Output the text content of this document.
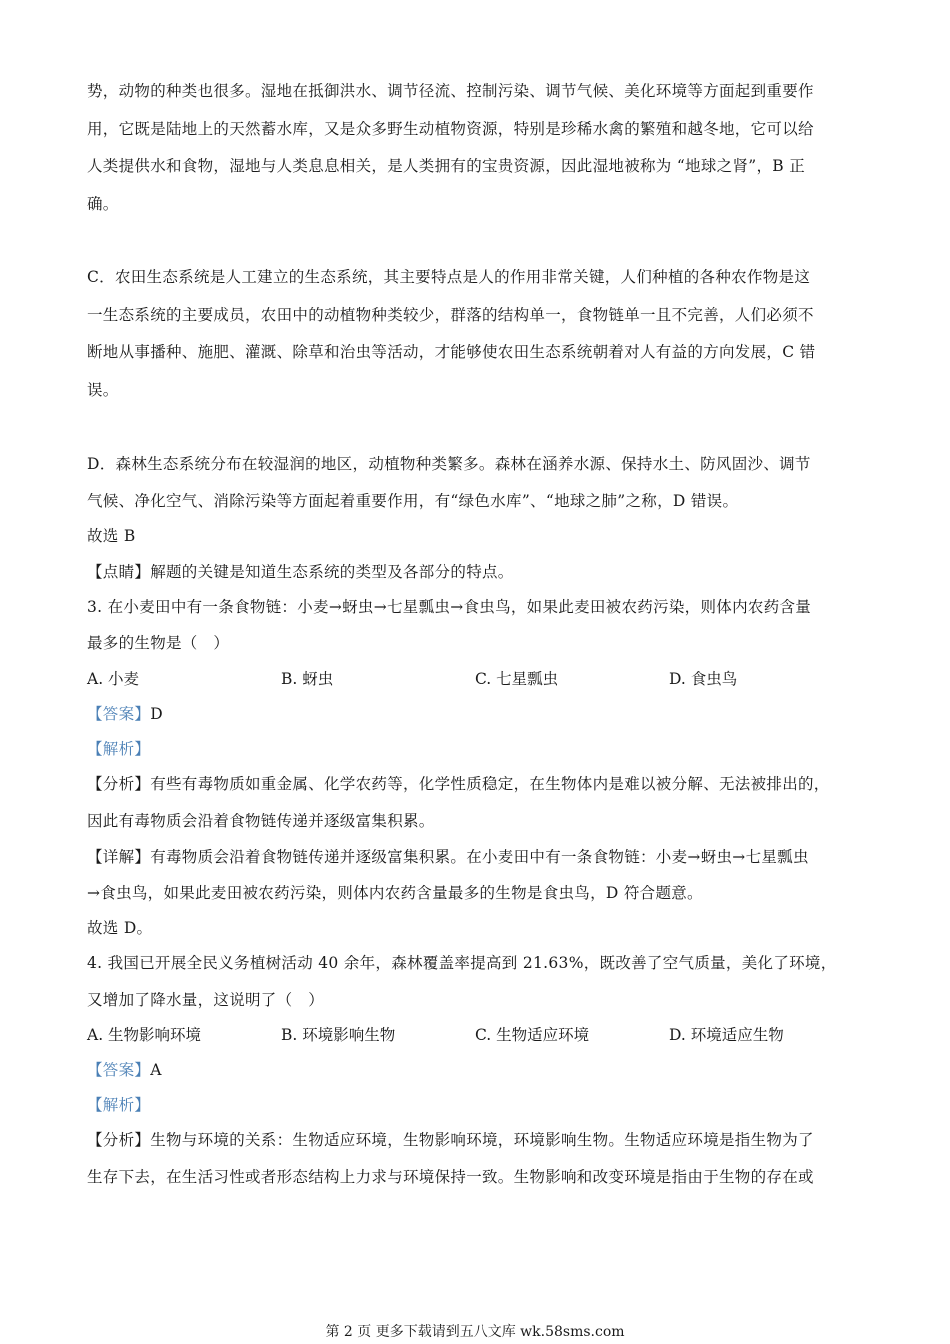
势，动物的种类也很多。湿地在抵御洪水、调节径流、控制污染、调节气候、美化环境等方面起到重要作
用，它既是陆地上的天然蓄水库，又是众多野生动植物资源，特别是珍稀水禽的繁殖和越冬地，它可以给
人类提供水和食物，湿地与人类息息相关，是人类拥有的宝贵资源，因此湿地被称为 “地球之肾”，B 正
确。
C．农田生态系统是人工建立的生态系统，其主要特点是人的作用非常关键，人们种植的各种农作物是这
一生态系统的主要成员，农田中的动植物种类较少，群落的结构单一，食物链单一且不完善，人们必须不
断地从事播种、施肥、灌溉、除草和治虫等活动，才能够使农田生态系统朝着对人有益的方向发展，C 错
误。
D．森林生态系统分布在较湿润的地区，动植物种类繁多。森林在涵养水源、保持水土、防风固沙、调节
气候、净化空气、消除污染等方面起着重要作用，有“绿色水库”、“地球之肺”之称，D 错误。
故选 B
【点睛】解题的关键是知道生态系统的类型及各部分的特点。
3. 在小麦田中有一条食物链：小麦→蚜虫→七星瓢虫→食虫鸟，如果此麦田被农药污染，则体内农药含量
最多的生物是（　）
A. 小麦	B. 蚜虫	C. 七星瓢虫	D. 食虫鸟
【答案】D
【解析】
【分析】有些有毒物质如重金属、化学农药等，化学性质稳定，在生物体内是难以被分解、无法被排出的，
因此有毒物质会沿着食物链传递并逐级富集积累。
【详解】有毒物质会沿着食物链传递并逐级富集积累。在小麦田中有一条食物链：小麦→蚜虫→七星瓢虫
→食虫鸟，如果此麦田被农药污染，则体内农药含量最多的生物是食虫鸟，D 符合题意。
故选 D。
4. 我国已开展全民义务植树活动 40 余年，森林覆盖率提高到 21.63%，既改善了空气质量，美化了环境，
又增加了降水量，这说明了（　）
A. 生物影响环境	B. 环境影响生物	C. 生物适应环境	D. 环境适应生物
【答案】A
【解析】
【分析】生物与环境的关系：生物适应环境，生物影响环境，环境影响生物。生物适应环境是指生物为了
生存下去，在生活习性或者形态结构上力求与环境保持一致。生物影响和改变环境是指由于生物的存在或
第 2 页 更多下载请到五八文库 wk.58sms.com
